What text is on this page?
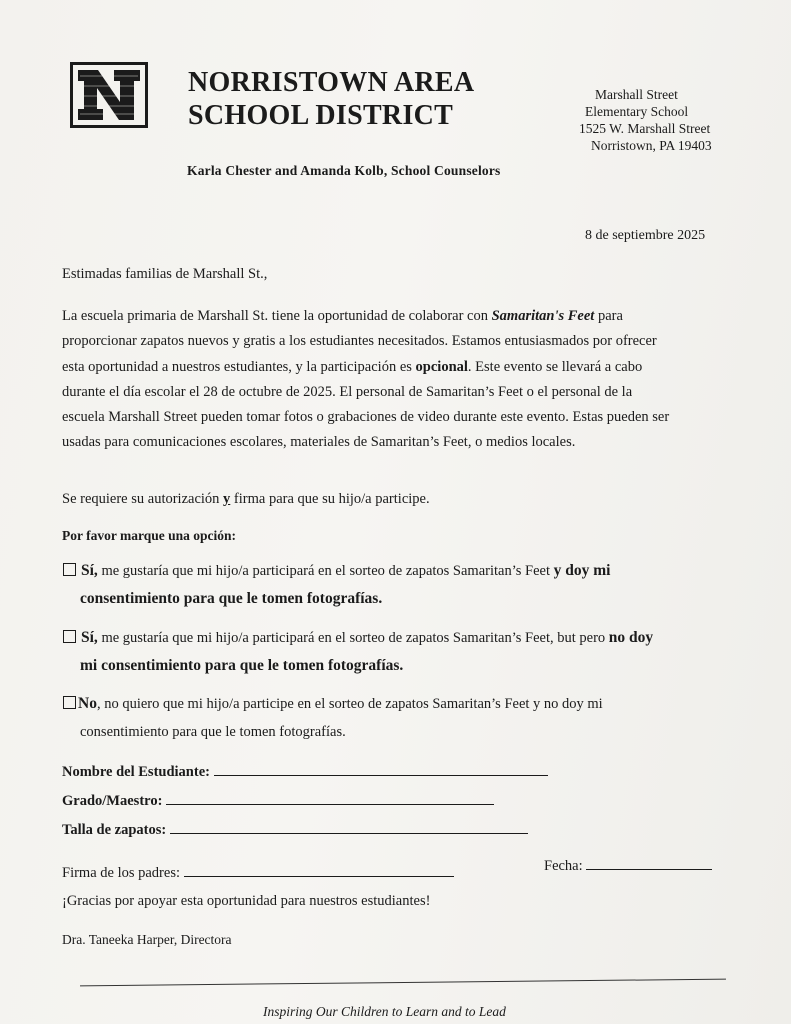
NORRISTOWN AREA
SCHOOL DISTRICT
Marshall Street
Elementary School
1525 W. Marshall Street
Norristown, PA 19403
Karla Chester and Amanda Kolb, School Counselors
8 de septiembre 2025
Estimadas familias de Marshall St.,
La escuela primaria de Marshall St. tiene la oportunidad de colaborar con Samaritan's Feet para
proporcionar zapatos nuevos y gratis a los estudiantes necesitados. Estamos entusiasmados por ofrecer
esta oportunidad a nuestros estudiantes, y la participación es opcional. Este evento se llevará a cabo
durante el día escolar el 28 de octubre de 2025. El personal de Samaritan’s Feet o el personal de la
escuela Marshall Street pueden tomar fotos o grabaciones de video durante este evento. Estas pueden ser
usadas para comunicaciones escolares, materiales de Samaritan’s Feet, o medios locales.
Se requiere su autorización y firma para que su hijo/a participe.
Por favor marque una opción:
Sí, me gustaría que mi hijo/a participará en el sorteo de zapatos Samaritan’s Feet y doy mi
consentimiento para que le tomen fotografías.
Sí, me gustaría que mi hijo/a participará en el sorteo de zapatos Samaritan’s Feet, but pero no doy
mi consentimiento para que le tomen fotografías.
No, no quiero que mi hijo/a participe en el sorteo de zapatos Samaritan’s Feet y no doy mi
consentimiento para que le tomen fotografías.
Nombre del Estudiante:
Grado/Maestro:
Talla de zapatos:
Firma de los padres:	Fecha:
¡Gracias por apoyar esta oportunidad para nuestros estudiantes!
Dra. Taneeka Harper, Directora
Inspiring Our Children to Learn and to Lead
